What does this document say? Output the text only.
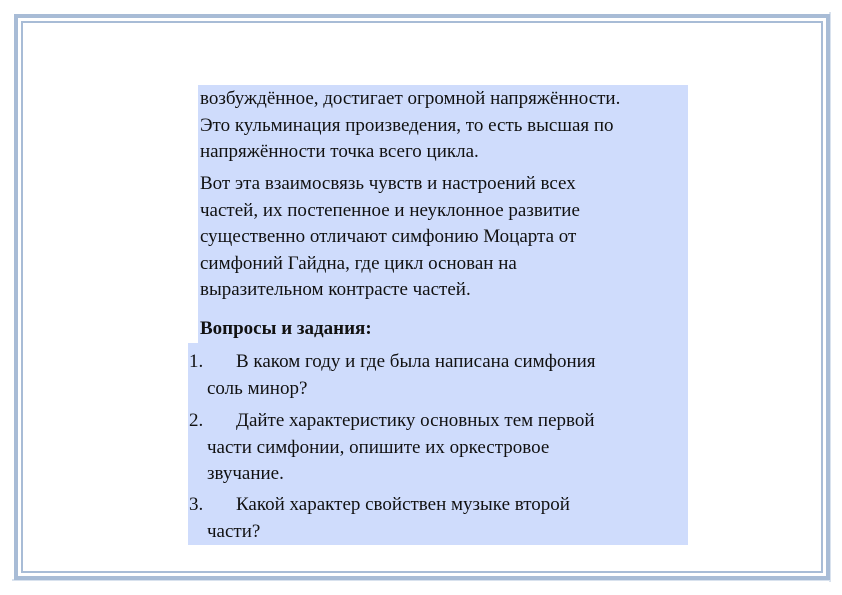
возбуждённое, достигает огромной напряжённости.
Это кульминация произведения, то есть высшая по
напряжённости точка всего цикла.
Вот эта взаимосвязь чувств и настроений всех
частей, их постепенное и неуклонное развитие
существенно отличают симфонию Моцарта от
симфоний Гайдна, где цикл основан на
выразительном контрасте частей.
Вопросы и задания:
1. В каком году и где была написана симфония
соль минор?
2. Дайте характеристику основных тем первой
части симфонии, опишите их оркестровое
звучание.
3. Какой характер свойствен музыке второй
части?
